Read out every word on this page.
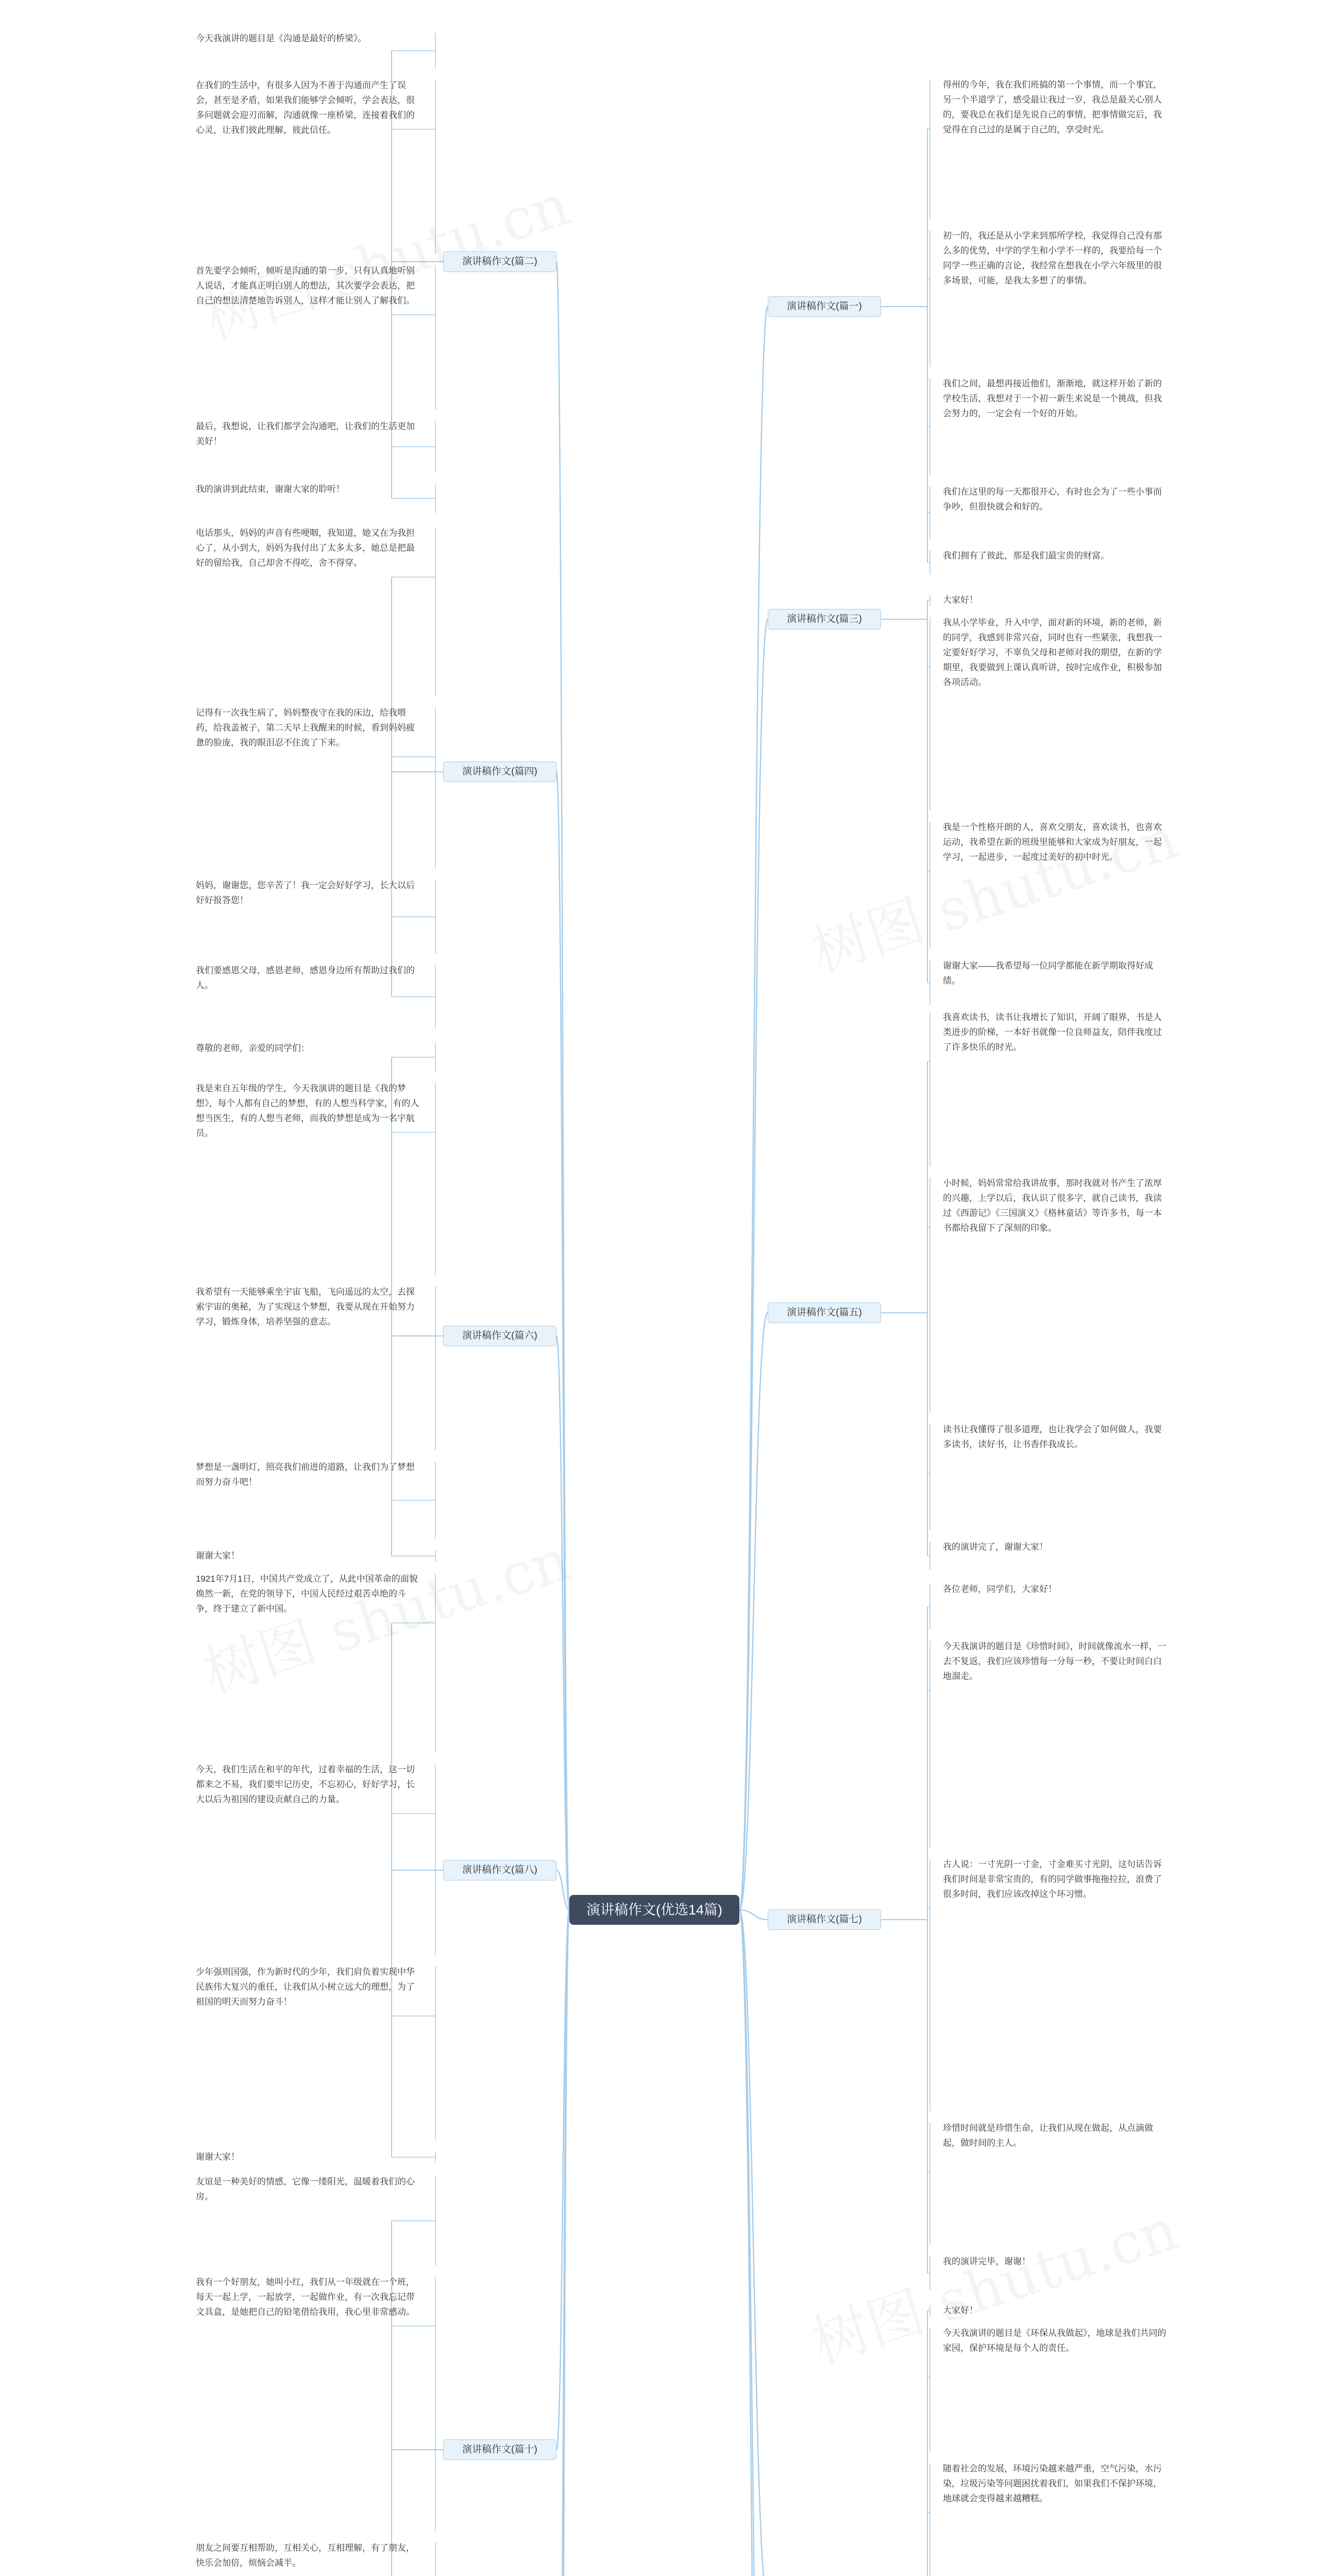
演讲稿作文(优选14篇)
演讲稿作文(篇一)
演讲稿作文(篇三)
演讲稿作文(篇五)
演讲稿作文(篇七)
演讲稿作文(篇二)
演讲稿作文(篇四)
演讲稿作文(篇六)
演讲稿作文(篇八)
演讲稿作文(篇十)
得州的今年，我在我们班搞的第一个事情，而一个事宜，另一个半道学了，感受最让我过一岁，我总是最关心别人的，要我总在我们是先说自己的事情，把事情做完后，我觉得在自己过的是属于自己的，享受时光。
初一的，我还是从小学来到那所学校，我觉得自己没有那么多的优势，中学的学生和小学不一样的，我要给每一个同学一些正确的言论，我经常在想我在小学六年级里的很多场景，可能，是我太多想了的事情。
我们之间，最想再接近他们，渐渐地，就这样开始了新的学校生活，我想对于一个初一新生来说是一个挑战，但我会努力的，一定会有一个好的开始。
我们在这里的每一天都很开心，有时也会为了一些小事而争吵，但很快就会和好的。
我们拥有了彼此，那是我们最宝贵的财富。
大家好！
我从小学毕业，升入中学，面对新的环境，新的老师，新的同学，我感到非常兴奋，同时也有一些紧张，我想我一定要好好学习，不辜负父母和老师对我的期望，在新的学期里，我要做到上课认真听讲，按时完成作业，积极参加各项活动。
我是一个性格开朗的人，喜欢交朋友，喜欢读书，也喜欢运动，我希望在新的班级里能够和大家成为好朋友，一起学习，一起进步，一起度过美好的初中时光。
谢谢大家——我希望每一位同学都能在新学期取得好成绩。
我喜欢读书，读书让我增长了知识，开阔了眼界，书是人类进步的阶梯，一本好书就像一位良师益友，陪伴我度过了许多快乐的时光。
小时候，妈妈常常给我讲故事，那时我就对书产生了浓厚的兴趣，上学以后，我认识了很多字，就自己读书，我读过《西游记》《三国演义》《格林童话》等许多书，每一本书都给我留下了深刻的印象。
读书让我懂得了很多道理，也让我学会了如何做人，我要多读书，读好书，让书香伴我成长。
我的演讲完了，谢谢大家！
各位老师，同学们，大家好！
今天我演讲的题目是《珍惜时间》，时间就像流水一样，一去不复返，我们应该珍惜每一分每一秒，不要让时间白白地溜走。
古人说：一寸光阴一寸金，寸金难买寸光阴，这句话告诉我们时间是非常宝贵的，有的同学做事拖拖拉拉，浪费了很多时间，我们应该改掉这个坏习惯。
珍惜时间就是珍惜生命，让我们从现在做起，从点滴做起，做时间的主人。
我的演讲完毕，谢谢！
大家好！
今天我演讲的题目是《环保从我做起》，地球是我们共同的家园，保护环境是每个人的责任。
随着社会的发展，环境污染越来越严重，空气污染，水污染，垃圾污染等问题困扰着我们，如果我们不保护环境，地球就会变得越来越糟糕。
今天我演讲的题目是《沟通是最好的桥梁》。
在我们的生活中，有很多人因为不善于沟通而产生了误会，甚至是矛盾，如果我们能够学会倾听，学会表达，很多问题就会迎刃而解，沟通就像一座桥梁，连接着我们的心灵，让我们彼此理解，彼此信任。
首先要学会倾听，倾听是沟通的第一步，只有认真地听别人说话，才能真正明白别人的想法，其次要学会表达，把自己的想法清楚地告诉别人，这样才能让别人了解我们。
最后，我想说，让我们都学会沟通吧，让我们的生活更加美好！
我的演讲到此结束，谢谢大家的聆听！
电话那头，妈妈的声音有些哽咽，我知道，她又在为我担心了，从小到大，妈妈为我付出了太多太多，她总是把最好的留给我，自己却舍不得吃，舍不得穿。
记得有一次我生病了，妈妈整夜守在我的床边，给我喂药，给我盖被子，第二天早上我醒来的时候，看到妈妈疲惫的脸庞，我的眼泪忍不住流了下来。
妈妈，谢谢您，您辛苦了！我一定会好好学习，长大以后好好报答您！
我们要感恩父母，感恩老师，感恩身边所有帮助过我们的人。
尊敬的老师，亲爱的同学们：
我是来自五年级的学生，今天我演讲的题目是《我的梦想》，每个人都有自己的梦想，有的人想当科学家，有的人想当医生，有的人想当老师，而我的梦想是成为一名宇航员。
我希望有一天能够乘坐宇宙飞船，飞向遥远的太空，去探索宇宙的奥秘，为了实现这个梦想，我要从现在开始努力学习，锻炼身体，培养坚强的意志。
梦想是一盏明灯，照亮我们前进的道路，让我们为了梦想而努力奋斗吧！
谢谢大家！
1921年7月1日，中国共产党成立了，从此中国革命的面貌焕然一新，在党的领导下，中国人民经过艰苦卓绝的斗争，终于建立了新中国。
今天，我们生活在和平的年代，过着幸福的生活，这一切都来之不易，我们要牢记历史，不忘初心，好好学习，长大以后为祖国的建设贡献自己的力量。
少年强则国强，作为新时代的少年，我们肩负着实现中华民族伟大复兴的重任，让我们从小树立远大的理想，为了祖国的明天而努力奋斗！
谢谢大家！
友谊是一种美好的情感，它像一缕阳光，温暖着我们的心房。
我有一个好朋友，她叫小红，我们从一年级就在一个班，每天一起上学，一起放学，一起做作业，有一次我忘记带文具盒，是她把自己的铅笔借给我用，我心里非常感动。
朋友之间要互相帮助，互相关心，互相理解，有了朋友，快乐会加倍，烦恼会减半。
